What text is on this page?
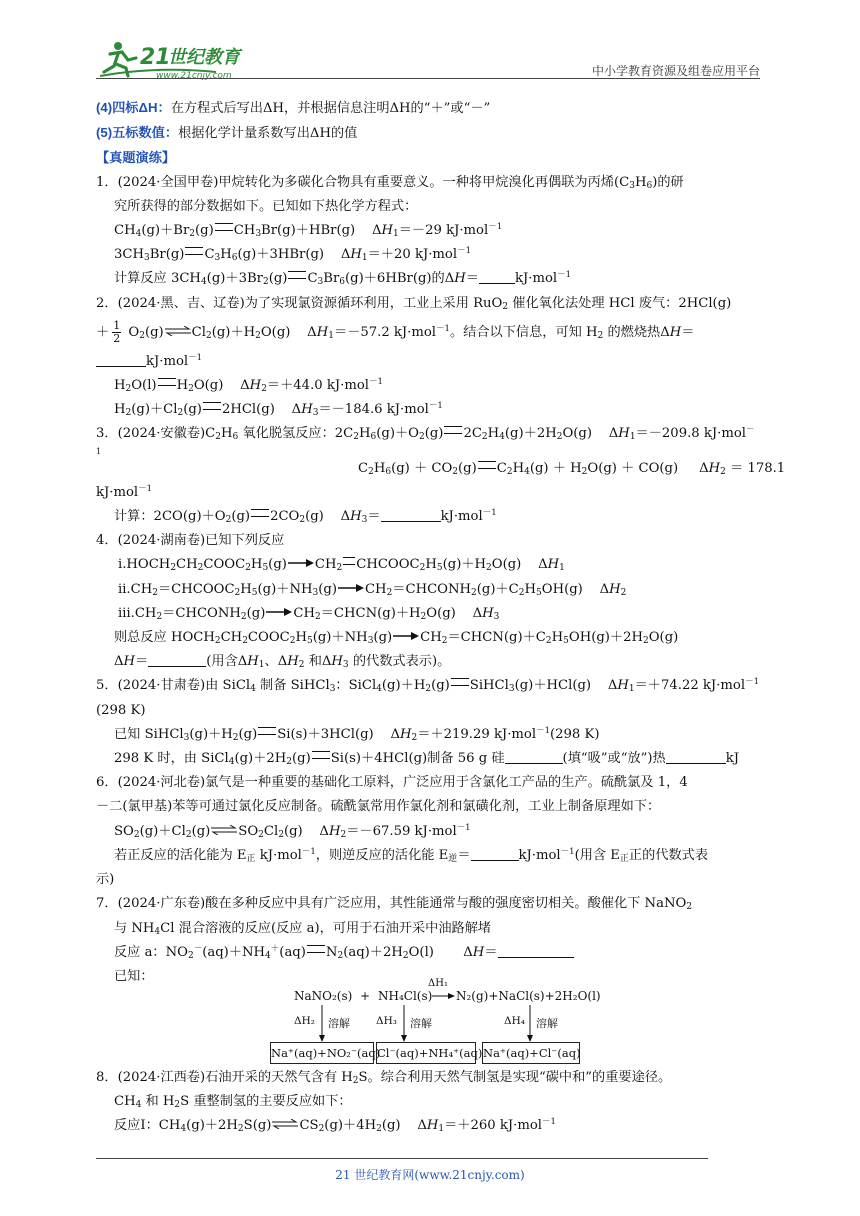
21
世纪教育
www.21cnjy.com	中小学教育资源及组卷应用平台
(4)四标ΔH：在方程式后写出ΔH，并根据信息注明ΔH的“＋”或“－”
(5)五标数值：根据化学计量系数写出ΔH的值
【真题演练】
1．(2024·全国甲卷)甲烷转化为多碳化合物具有重要意义。一种将甲烷溴化再偶联为丙烯$(C_3H_6)$的研
究所获得的部分数据如下。已知如下热化学方程式：
$CH_4(g)+Br_2(g)$ $CH_3Br(g)+HBr(g)$    $\Delta H_1=-29$ kJ·mol$^{-1}$
$3CH_3Br(g)$ $C_3H_6(g)+3HBr(g)$    $\Delta H_1=+20$ kJ·mol$^{-1}$
计算反应 $3CH_4(g)+3Br_2(g)$ $C_3Br_6(g)+6HBr(g)$的ΔH＝	kJ·mol$^{-1}$
2．(2024·黑、吉、辽卷)为了实现氯资源循环利用，工业上采用 RuO$_2$ 催化氧化法处理 HCl 废气：2HCl(g)
＋ $\frac{1}{2} O_2(g)$ $Cl_2(g)+H_2O(g)$    $\Delta H_1=-57.2$ kJ·mol$^{-1}$。结合以下信息，可知 $H_2$ 的燃烧热ΔH＝
kJ·mol$^{-1}$
$H_2O(l)$ $H_2O(g)$    $\Delta H_2=+44.0$ kJ·mol$^{-1}$
$H_2(g)+Cl_2(g)$ 2HCl(g)    $\Delta H_3=-184.6$ kJ·mol$^{-1}$
3．(2024·安徽卷)$C_2H_6$ 氧化脱氢反应：$2C_2H_6(g)+O_2(g)$ $2C_2H_4(g)+2H_2O(g)$    $\Delta H_1=-209.8$ kJ·mol－
1
$C_2H_6(g) + CO_2(g) C_2H_4(g) + H_2O(g) + CO(g)$     $\Delta H_2 = 178.1$
kJ·mol$^{-1}$
计算：$2CO(g)+O_2(g)$ $2CO_2(g)$    $\Delta H_3=$	kJ·mol$^{-1}$
4．(2024·湖南卷)已知下列反应
$ⅰ.HOCH_2CH_2COOC_2H_5(g)$ $CH_2$ $CHCOOC_2H_5(g)+H_2O(g)$    $\Delta H_1$
$ⅱ.CH_2=CHCOOC_2H_5(g)+NH_3(g)$ $CH_2=CHCONH_2(g)+C_2H_5OH(g)$    $\Delta H_2$
$ⅲ.CH_2=CHCONH_2(g)$ $CH_2=CHCN(g)+H_2O(g)$    $\Delta H_3$
则总反应 $HOCH_2CH_2COOC_2H_5(g)+NH_3(g)$ $CH_2=CHCN(g)+C_2H_5OH(g)+2H_2O(g)$
ΔH＝	(用含$\Delta H_1$、$\Delta H_2$ 和$\Delta H_3$ 的代数式表示)。
5．(2024·甘肃卷)由 SiCl$_4$ 制备 SiHCl$_3$：$SiCl_4(g)+H_2(g)$ SiHCl$_3$(g)＋HCl(g)    $\Delta H_1=+74.22$ kJ·mol$^{-1}$
(298 K)
已知 $SiHCl_3(g)+H_2(g)$ Si(s)＋3HCl(g)    $\Delta H_2=+219.29$ kJ·mol$^{-1}$(298 K)
298 K 时，由 $SiCl_4(g)+2H_2(g)$ Si(s)＋4HCl(g)制备 56 g 硅	(填“吸”或“放”)热	kJ
6．(2024·河北卷)氯气是一种重要的基础化工原料，广泛应用于含氯化工产品的生产。硫酰氯及 1，4
－二(氯甲基)苯等可通过氯化反应制备。硫酰氯常用作氯化剂和氯磺化剂，工业上制备原理如下：
$SO_2(g)+Cl_2(g)$ $SO_2Cl_2(g)$    $\Delta H_2=-67.59$ kJ·mol$^{-1}$
若正反应的活化能为 $E_正$ kJ·mol$^{-1}$，则逆反应的活化能 $E_逆=$	kJ·mol$^{-1}$(用含 $E_正$正的代数式表
示)
7．(2024·广东卷)酸在多种反应中具有广泛应用，其性能通常与酸的强度密切相关。酸催化下 NaNO$_2$
与 $NH_4Cl$ 混合溶液的反应(反应 a)，可用于石油开采中油路解堵
反应 a：$NO_2^-(aq)+NH_4^+(aq)$ $N_2(aq)+2H_2O(l)$       ΔH＝
已知：
NaNO₂(s) + NH₄Cl(s) N₂(g)+NaCl(s)+2H₂O(l)
ΔH₁
ΔH₂ 溶解 ΔH₃ 溶解	ΔH₄ 溶解
Na⁺(aq)+NO₂⁻(aq)
Cl⁻(aq)+NH₄⁺(aq) Na⁺(aq)+Cl⁻(aq)
8．(2024·江西卷)石油开采的天然气含有 $H_2S$。综合利用天然气制氢是实现“碳中和”的重要途径。
$CH_4$ 和 $H_2S$ 重整制氢的主要反应如下：
反应Ⅰ：$CH_4(g)+2H_2S(g)$ $CS_2(g)+4H_2(g)$    $\Delta H_1=+260$ kJ·mol$^{-1}$
21 世纪教育网(www.21cnjy.com)
